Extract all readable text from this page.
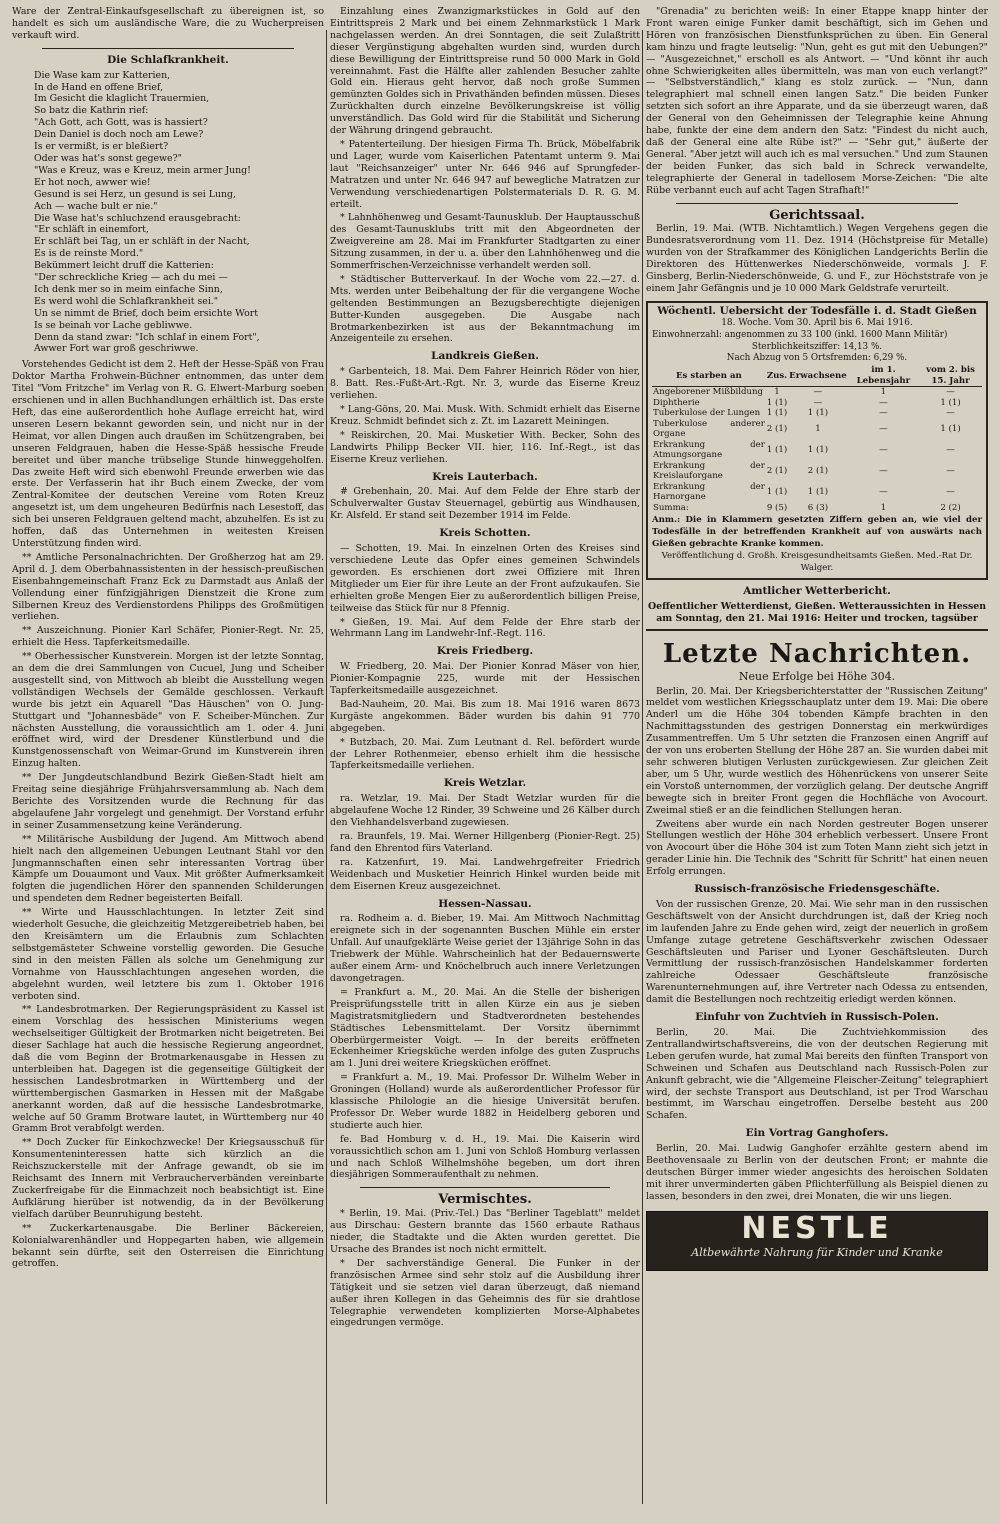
Ware der Zentral-Einkaufsgesellschaft zu übereignen ist, so handelt es sich um ausländische Ware, die zu Wucherpreisen verkauft wird.

Die Schlafkrankheit.

Die Wase kam zur Katterien,

In de Hand en offene Brief,

Im Gesicht die klaglicht Trauermien,

So batz die Kathrin rief:

"Ach Gott, ach Gott, was is hassiert?

Dein Daniel is doch noch am Lewe?

Is er vermißt, is er bleßiert?

Oder was hat's sonst gegewe?"

"Was e Kreuz, was e Kreuz, mein armer Jung!

Er hot noch, awwer wie!

Gesund is sei Herz, un gesund is sei Lung,

Ach — wache bult er nie."

Die Wase hat's schluchzend erausgebracht:

"Er schläft in einemfort,

Er schläft bei Tag, un er schläft in der Nacht,

Es is de reinste Mord."

Bekümmert leicht druff die Katterien:

"Der schreckliche Krieg — ach du mei —

Ich denk mer so in meim einfache Sinn,

Es werd wohl die Schlafkrankheit sei."

Un se nimmt de Brief, doch beim ersichte Wort

Is se beinah vor Lache gebliwwe.

Denn da stand zwar: "Ich schlaf in einem Fort",

Awwer Fort war groß geschriwwe.

Vorstehendes Gedicht ist dem 2. Heft der Hesse-Späß von Frau Doktor Martha Frohwein-Büchner entnommen, das unter dem Titel "Vom Fritzche" im Verlag von R. G. Elwert-Marburg soeben erschienen und in allen Buchhandlungen erhältlich ist. Das erste Heft, das eine außerordentlich hohe Auflage erreicht hat, wird unseren Lesern bekannt geworden sein, und nicht nur in der Heimat, vor allen Dingen auch draußen im Schützengraben, bei unseren Feldgrauen, haben die Hesse-Späß hessische Freude bereitet und über manche trübselige Stunde hinweggeholfen. Das zweite Heft wird sich ebenwohl Freunde erwerben wie das erste. Der Verfasserin hat ihr Buch einem Zwecke, der vom Zentral-Komitee der deutschen Vereine vom Roten Kreuz angesetzt ist, um dem ungeheuren Bedürfnis nach Lesestoff, das sich bei unseren Feldgrauen geltend macht, abzuhelfen. Es ist zu hoffen, daß das Unternehmen in weitesten Kreisen Unterstützung finden wird.

** Amtliche Personalnachrichten. Der Großherzog hat am 29. April d. J. dem Oberbahnassistenten in der hessisch-preußischen Eisenbahngemeinschaft Franz Eck zu Darmstadt aus Anlaß der Vollendung einer fünfzigjährigen Dienstzeit die Krone zum Silbernen Kreuz des Verdienstordens Philipps des Großmütigen verliehen.

** Auszeichnung. Pionier Karl Schäfer, Pionier-Regt. Nr. 25, erhielt die Hess. Tapferkeitsmedaille.

** Oberhessischer Kunstverein. Morgen ist der letzte Sonntag, an dem die drei Sammlungen von Cucuel, Jung und Scheiber ausgestellt sind, von Mittwoch ab bleibt die Ausstellung wegen vollständigen Wechsels der Gemälde geschlossen. Verkauft wurde bis jetzt ein Aquarell "Das Häuschen" von O. Jung-Stuttgart und "Johannesbäde" von F. Scheiber-München. Zur nächsten Ausstellung, die voraussichtlich am 1. oder 4. Juni eröffnet wird, wird der Dresdener Künstlerbund und die Kunstgenossenschaft von Weimar-Grund im Kunstverein ihren Einzug halten.

** Der Jungdeutschlandbund Bezirk Gießen-Stadt hielt am Freitag seine diesjährige Frühjahrsversammlung ab. Nach dem Berichte des Vorsitzenden wurde die Rechnung für das abgelaufene Jahr vorgelegt und genehmigt. Der Vorstand erfuhr in seiner Zusammensetzung keine Veränderung.

** Militärische Ausbildung der Jugend. Am Mittwoch abend hielt nach den allgemeinen Uebungen Leutnant Stahl vor den Jungmannschaften einen sehr interessanten Vortrag über Kämpfe um Douaumont und Vaux. Mit größter Aufmerksamkeit folgten die jugendlichen Hörer den spannenden Schilderungen und spendeten dem Redner begeisterten Beifall.

** Wirte und Hausschlachtungen. In letzter Zeit sind wiederholt Gesuche, die gleichzeitig Metzgereibetrieb haben, bei den Kreisämtern um die Erlaubnis zum Schlachten selbstgemästeter Schweine vorstellig geworden. Die Gesuche sind in den meisten Fällen als solche um Genehmigung zur Vornahme von Hausschlachtungen angesehen worden, die abgelehnt wurden, weil letztere bis zum 1. Oktober 1916 verboten sind.

** Landesbrotmarken. Der Regierungspräsident zu Kassel ist einem Vorschlag des hessischen Ministeriums wegen wechselseitiger Gültigkeit der Brotmarken nicht beigetreten. Bei dieser Sachlage hat auch die hessische Regierung angeordnet, daß die vom Beginn der Brotmarkenausgabe in Hessen zu unterbleiben hat. Dagegen ist die gegenseitige Gültigkeit der hessischen Landesbrotmarken in Württemberg und der württembergischen Gasmarken in Hessen mit der Maßgabe anerkannt worden, daß auf die hessische Landesbrotmarke, welche auf 50 Gramm Brotware lautet, in Württemberg nur 40 Gramm Brot verabfolgt werden.

** Doch Zucker für Einkochzwecke! Der Kriegsausschuß für Konsumenteninteressen hatte sich kürzlich an die Reichszuckerstelle mit der Anfrage gewandt, ob sie im Reichsamt des Innern mit Verbraucherverbänden vereinbarte Zuckerfreigabe für die Einmachzeit noch beabsichtigt ist. Eine Aufklärung hierüber ist notwendig, da in der Bevölkerung vielfach darüber Beunruhigung besteht.

** Zuckerkartenausgabe. Die Berliner Bäckereien, Kolonialwarenhändler und Hoppegarten haben, wie allgemein bekannt sein dürfte, seit den Osterreisen die Einrichtung getroffen.

Einzahlung eines Zwanzigmarkstückes in Gold auf den Eintrittspreis 2 Mark und bei einem Zehnmarkstück 1 Mark nachgelassen werden. An drei Sonntagen, die seit Zulaßtritt dieser Vergünstigung abgehalten wurden sind, wurden durch diese Bewilligung der Eintrittspreise rund 50 000 Mark in Gold vereinnahmt. Fast die Hälfte aller zahlenden Besucher zahlte Gold ein. Hieraus geht hervor, daß noch große Summen gemünzten Goldes sich in Privathänden befinden müssen. Dieses Zurückhalten durch einzelne Bevölkerungskreise ist völlig unverständlich. Das Gold wird für die Stabilität und Sicherung der Währung dringend gebraucht.

* Patenterteilung. Der hiesigen Firma Th. Brück, Möbelfabrik und Lager, wurde vom Kaiserlichen Patentamt unterm 9. Mai laut "Reichsanzeiger" unter Nr. 646 946 auf Sprungfeder-Matratzen und unter Nr. 646 947 auf bewegliche Matratzen zur Verwendung verschiedenartigen Polstermaterials D. R. G. M. erteilt.

* Lahnhöhenweg und Gesamt-Taunusklub. Der Hauptausschuß des Gesamt-Taunusklubs tritt mit den Abgeordneten der Zweigvereine am 28. Mai im Frankfurter Stadtgarten zu einer Sitzung zusammen, in der u. a. über den Lahnhöhenweg und die Sommerfrischen-Verzeichnisse verhandelt werden soll.

* Städtischer Butterverkauf. In der Woche vom 22.—27. d. Mts. werden unter Beibehaltung der für die vergangene Woche geltenden Bestimmungen an Bezugsberechtigte diejenigen Butter-Kunden ausgegeben. Die Ausgabe nach Brotmarkenbezirken ist aus der Bekanntmachung im Anzeigenteile zu ersehen.

Landkreis Gießen.

* Garbenteich, 18. Mai. Dem Fahrer Heinrich Röder von hier, 8. Batt. Res.-Fußt-Art.-Rgt. Nr. 3, wurde das Eiserne Kreuz verliehen.

* Lang-Göns, 20. Mai. Musk. With. Schmidt erhielt das Eiserne Kreuz. Schmidt befindet sich z. Zt. im Lazarett Meiningen.

* Reiskirchen, 20. Mai. Musketier With. Becker, Sohn des Landwirts Philipp Becker VII. hier, 116. Inf.-Regt., ist das Eiserne Kreuz verliehen.

Kreis Lauterbach.

# Grebenhain, 20. Mai. Auf dem Felde der Ehre starb der Schulverwalter Gustav Steuernagel, gebürtig aus Windhausen, Kr. Alsfeld. Er stand seit Dezember 1914 im Felde.

Kreis Schotten.

— Schotten, 19. Mai. In einzelnen Orten des Kreises sind verschiedene Leute das Opfer eines gemeinen Schwindels geworden. Es erschienen dort zwei Offiziere mit Ihren Mitglieder um Eier für ihre Leute an der Front aufzukaufen. Sie erhielten große Mengen Eier zu außerordentlich billigen Preise, teilweise das Stück für nur 8 Pfennig.

* Gießen, 19. Mai. Auf dem Felde der Ehre starb der Wehrmann Lang im Landwehr-Inf.-Regt. 116.

Kreis Friedberg.

W. Friedberg, 20. Mai. Der Pionier Konrad Mäser von hier, Pionier-Kompagnie 225, wurde mit der Hessischen Tapferkeitsmedaille ausgezeichnet.

Bad-Nauheim, 20. Mai. Bis zum 18. Mai 1916 waren 8673 Kurgäste angekommen. Bäder wurden bis dahin 91 770 abgegeben.

* Butzbach, 20. Mai. Zum Leutnant d. Rel. befördert wurde der Lehrer Rothenmeier, ebenso erhielt ihm die hessische Tapferkeitsmedaille verliehen.

Kreis Wetzlar.

ra. Wetzlar, 19. Mai. Der Stadt Wetzlar wurden für die abgelaufene Woche 12 Rinder, 39 Schweine und 26 Kälber durch den Viehhandelsverband zugewiesen.

ra. Braunfels, 19. Mai. Werner Hillgenberg (Pionier-Regt. 25) fand den Ehrentod fürs Vaterland.

ra. Katzenfurt, 19. Mai. Landwehrgefreiter Friedrich Weidenbach und Musketier Heinrich Hinkel wurden beide mit dem Eisernen Kreuz ausgezeichnet.

Hessen-Nassau.

ra. Rodheim a. d. Bieber, 19. Mai. Am Mittwoch Nachmittag ereignete sich in der sogenannten Buschen Mühle ein erster Unfall. Auf unaufgeklärte Weise geriet der 13jährige Sohn in das Triebwerk der Mühle. Wahrscheinlich hat der Bedauernswerte außer einem Arm- und Knöchelbruch auch innere Verletzungen davongetragen.

= Frankfurt a. M., 20. Mai. An die Stelle der bisherigen Preisprüfungsstelle tritt in allen Kürze ein aus je sieben Magistratsmitgliedern und Stadtverordneten bestehendes Städtisches Lebensmittelamt. Der Vorsitz übernimmt Oberbürgermeister Voigt. — In der bereits eröffneten Eckenheimer Kriegsküche werden infolge des guten Zuspruchs am 1. Juni drei weitere Kriegsküchen eröffnet.

= Frankfurt a. M., 19. Mai. Professor Dr. Wilhelm Weber in Groningen (Holland) wurde als außerordentlicher Professor für klassische Philologie an die hiesige Universität berufen. Professor Dr. Weber wurde 1882 in Heidelberg geboren und studierte auch hier.

fe. Bad Homburg v. d. H., 19. Mai. Die Kaiserin wird voraussichtlich schon am 1. Juni von Schloß Homburg verlassen und nach Schloß Wilhelmshöhe begeben, um dort ihren diesjährigen Sommeraufenthalt zu nehmen.

Vermischtes.

* Berlin, 19. Mai. (Priv.-Tel.) Das "Berliner Tageblatt" meldet aus Dirschau: Gestern brannte das 1560 erbaute Rathaus nieder, die Stadtakte und die Akten wurden gerettet. Die Ursache des Brandes ist noch nicht ermittelt.

* Der sachverständige General. Die Funker in der französischen Armee sind sehr stolz auf die Ausbildung ihrer Tätigkeit und sie setzen viel daran überzeugt, daß niemand außer ihren Kollegen in das Geheimnis des für sie drahtlose Telegraphie verwendeten komplizierten Morse-Alphabetes eingedrungen vermöge.

"Grenadia" zu berichten weiß: In einer Etappe knapp hinter der Front waren einige Funker damit beschäftigt, sich im Gehen und Hören von französischen Dienstfunksprüchen zu üben. Ein General kam hinzu und fragte leutselig: "Nun, geht es gut mit den Uebungen?" — "Ausgezeichnet," erscholl es als Antwort. — "Und könnt ihr auch ohne Schwierigkeiten alles übermitteln, was man von euch verlangt?" — "Selbstverständlich," klang es stolz zurück. — "Nun, dann telegraphiert mal schnell einen langen Satz." Die beiden Funker setzten sich sofort an ihre Apparate, und da sie überzeugt waren, daß der General von den Geheimnissen der Telegraphie keine Ahnung habe, funkte der eine dem andern den Satz: "Findest du nicht auch, daß der General eine alte Rübe ist?" — "Sehr gut," äußerte der General. "Aber jetzt will auch ich es mal versuchen." Und zum Staunen der beiden Funker, das sich bald in Schreck verwandelte, telegraphierte der General in tadellosem Morse-Zeichen: "Die alte Rübe verbannt euch auf acht Tagen Strafhaft!"

Gerichtssaal.

Berlin, 19. Mai. (WTB. Nichtamtlich.) Wegen Vergehens gegen die Bundesratsverordnung vom 11. Dez. 1914 (Höchstpreise für Metalle) wurden von der Strafkammer des Königlichen Landgerichts Berlin die Direktoren des Hüttenwerkes Niederschönweide, vormals J. F. Ginsberg, Berlin-Niederschönweide, G. und F., zur Höchststrafe von je einem Jahr Gefängnis und je 10 000 Mark Geldstrafe verurteilt.

Wöchentl. Uebersicht der Todesfälle i. d. Stadt Gießen
18. Woche. Vom 30. April bis 6. Mai 1916.
Einwohnerzahl: angenommen zu 33 100 (inkl. 1600 Mann Militär)
Sterblichkeitsziffer: 14,13 %.
Nach Abzug von 5 Ortsfremden: 6,29 %.
Es starben an	Zus.	Erwachsene	im 1. Lebensjahr	vom 2. bis 15. Jahr
Angeborener Mißbildung	1	—	1	—
Diphtherie	1 (1)	—	—	1 (1)
Tuberkulose der Lungen	1 (1)	1 (1)	—	—
Tuberkulose anderer Organe	2 (1)	1	—	1 (1)
Erkrankung der Atmungsorgane	1 (1)	1 (1)	—	—
Erkrankung der Kreislauforgane	2 (1)	2 (1)	—	—
Erkrankung der Harnorgane	1 (1)	1 (1)	—	—
Summa:	9 (5)	6 (3)	1	2 (2)
Anm.: Die in Klammern gesetzten Ziffern geben an, wie viel der Todesfälle in der betreffenden Krankheit auf von auswärts nach Gießen gebrachte Kranke kommen.
Veröffentlichung d. Großh. Kreisgesundheitsamts Gießen. Med.-Rat Dr. Walger.
Amtlicher Wetterbericht.

Oeffentlicher Wetterdienst, Gießen. Wetteraussichten in Hessen am Sonntag, den 21. Mai 1916: Heiter und trocken, tagsüber

Letzte Nachrichten.
Neue Erfolge bei Höhe 304.

Berlin, 20. Mai. Der Kriegsberichterstatter der "Russischen Zeitung" meldet vom westlichen Kriegsschauplatz unter dem 19. Mai: Die obere Anderl um die Höhe 304 tobenden Kämpfe brachten in den Nachmittagsstunden des gestrigen Donnerstag ein merkwürdiges Zusammentreffen. Um 5 Uhr setzten die Franzosen einen Angriff auf der von uns eroberten Stellung der Höhe 287 an. Sie wurden dabei mit sehr schweren blutigen Verlusten zurückgewiesen. Zur gleichen Zeit aber, um 5 Uhr, wurde westlich des Höhenrückens von unserer Seite ein Vorstoß unternommen, der vorzüglich gelang. Der deutsche Angriff bewegte sich in breiter Front gegen die Hochfläche von Avocourt. Zweimal stieß er an die feindlichen Stellungen heran.

Zweitens aber wurde ein nach Norden gestreuter Bogen unserer Stellungen westlich der Höhe 304 erheblich verbessert. Unsere Front von Avocourt über die Höhe 304 ist zum Toten Mann zieht sich jetzt in gerader Linie hin. Die Technik des "Schritt für Schritt" hat einen neuen Erfolg errungen.

Russisch-französische Friedensgeschäfte.

Von der russischen Grenze, 20. Mai. Wie sehr man in den russischen Geschäftswelt von der Ansicht durchdrungen ist, daß der Krieg noch im laufenden Jahre zu Ende gehen wird, zeigt der neuerlich in großem Umfange zutage getretene Geschäftsverkehr zwischen Odessaer Geschäftsleuten und Pariser und Lyoner Geschäftsleuten. Durch Vermittlung der russisch-französischen Handelskammer forderten zahlreiche Odessaer Geschäftsleute französische Warenunternehmungen auf, ihre Vertreter nach Odessa zu entsenden, damit die Bestellungen noch rechtzeitig erledigt werden können.

Einfuhr von Zuchtvieh in Russisch-Polen.

Berlin, 20. Mai. Die Zuchtviehkommission des Zentrallandwirtschaftsvereins, die von der deutschen Regierung mit Leben gerufen wurde, hat zumal Mai bereits den fünften Transport von Schweinen und Schafen aus Deutschland nach Russisch-Polen zur Ankunft gebracht, wie die "Allgemeine Fleischer-Zeitung" telegraphiert wird, der sechste Transport aus Deutschland, ist per Trod Warschau bestimmt, im Warschau eingetroffen. Derselbe besteht aus 200 Schafen.

Ein Vortrag Ganghofers.

Berlin, 20. Mai. Ludwig Ganghofer erzählte gestern abend im Beethovensaale zu Berlin von der deutschen Front; er mahnte die deutschen Bürger immer wieder angesichts des heroischen Soldaten mit ihrer unverminderten gäben Pflichterfüllung als Beispiel dienen zu lassen, besonders in den zwei, drei Monaten, die wir uns liegen.

NESTLE
Altbewährte Nahrung für Kinder und Kranke
